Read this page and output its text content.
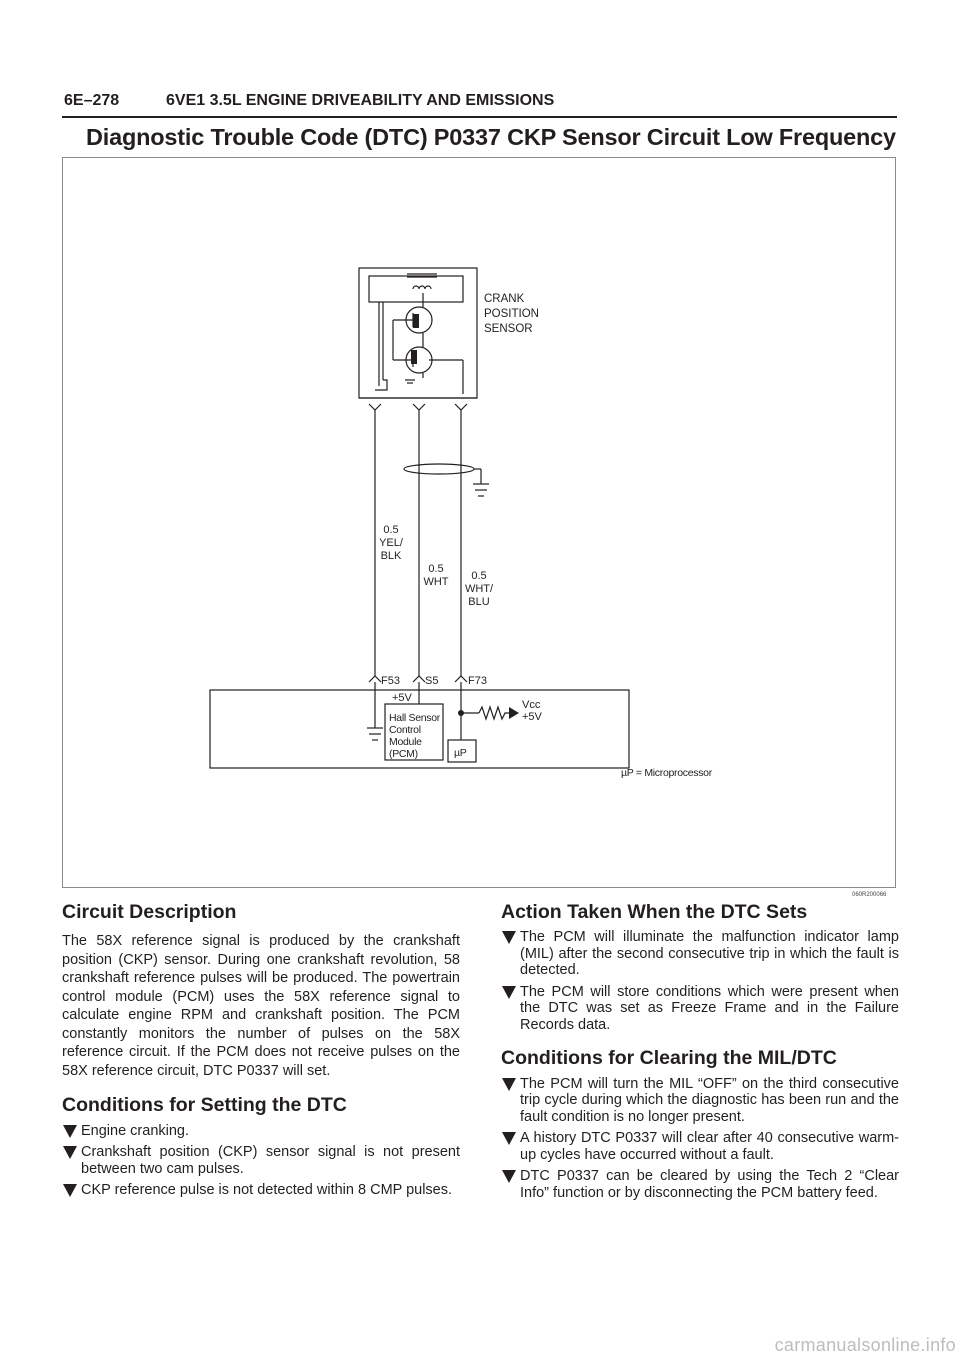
6E–278	6VE1 3.5L ENGINE DRIVEABILITY AND EMISSIONS
Diagnostic Trouble Code (DTC) P0337 CKP Sensor Circuit Low Frequency
CRANK
POSITION
SENSOR
0.5
YEL/
BLK
0.5
WHT 0.5
WHT/
BLU
F53 S5	F73
+5V
Vcc
+5V
Hall Sensor
Control
Module
(PCM)	µP
µP = Microprocessor
060R200066
Circuit Description

The 58X reference signal is produced by the crankshaft position (CKP) sensor. During one crankshaft revolution, 58 crankshaft reference pulses will be produced. The powertrain control module (PCM) uses the 58X reference signal to calculate engine RPM and crankshaft position. The PCM constantly monitors the number of pulses on the 58X reference circuit. If the PCM does not receive pulses on the 58X reference circuit, DTC P0337 will set.

Conditions for Setting the DTC
Engine cranking.
Crankshaft position (CKP) sensor signal is not present between two cam pulses.
CKP reference pulse is not detected within 8 CMP pulses.
Action Taken When the DTC Sets
The PCM will illuminate the malfunction indicator lamp (MIL) after the second consecutive trip in which the fault is detected.
The PCM will store conditions which were present when the DTC was set as Freeze Frame and in the Failure Records data.
Conditions for Clearing the MIL/DTC
The PCM will turn the MIL “OFF” on the third consecutive trip cycle during which the diagnostic has been run and the fault condition is no longer present.
A history DTC P0337 will clear after 40 consecutive warm-up cycles have occurred without a fault.
DTC P0337 can be cleared by using the Tech 2 “Clear Info” function or by disconnecting the PCM battery feed.
carmanualsonline.info
